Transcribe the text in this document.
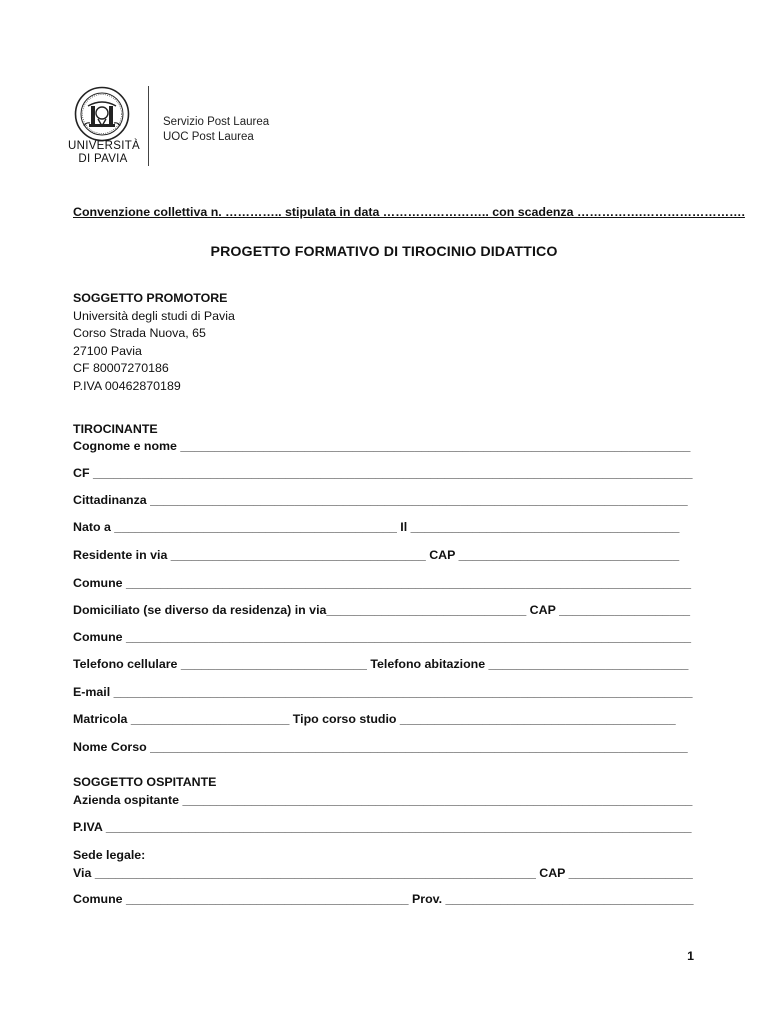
UNIVERSITÀ
DI PAVIA
Servizio Post Laurea
UOC Post Laurea
Convenzione collettiva n. ………….. stipulata in data …………………….. con scadenza …………….…………………….
PROGETTO FORMATIVO DI TIROCINIO DIDATTICO
SOGGETTO PROMOTORE
Università degli studi di Pavia
Corso Strada Nuova, 65
27100 Pavia
CF 80007270186
P.IVA 00462870189
TIROCINANTE
Cognome e nome __________________________________________________________________________
CF _______________________________________________________________________________________
Cittadinanza ______________________________________________________________________________
Nato a _________________________________________ Il _______________________________________
Residente in via _____________________________________ CAP ________________________________
Comune __________________________________________________________________________________
Domiciliato (se diverso da residenza) in via_____________________________ CAP ___________________
Comune __________________________________________________________________________________
Telefono cellulare ___________________________ Telefono abitazione _____________________________
E-mail ____________________________________________________________________________________
Matricola _______________________ Tipo corso studio ________________________________________
Nome Corso ______________________________________________________________________________
SOGGETTO OSPITANTE
Azienda ospitante __________________________________________________________________________
P.IVA _____________________________________________________________________________________
Sede legale:
Via ________________________________________________________________ CAP __________________
Comune _________________________________________ Prov. ____________________________________
1
